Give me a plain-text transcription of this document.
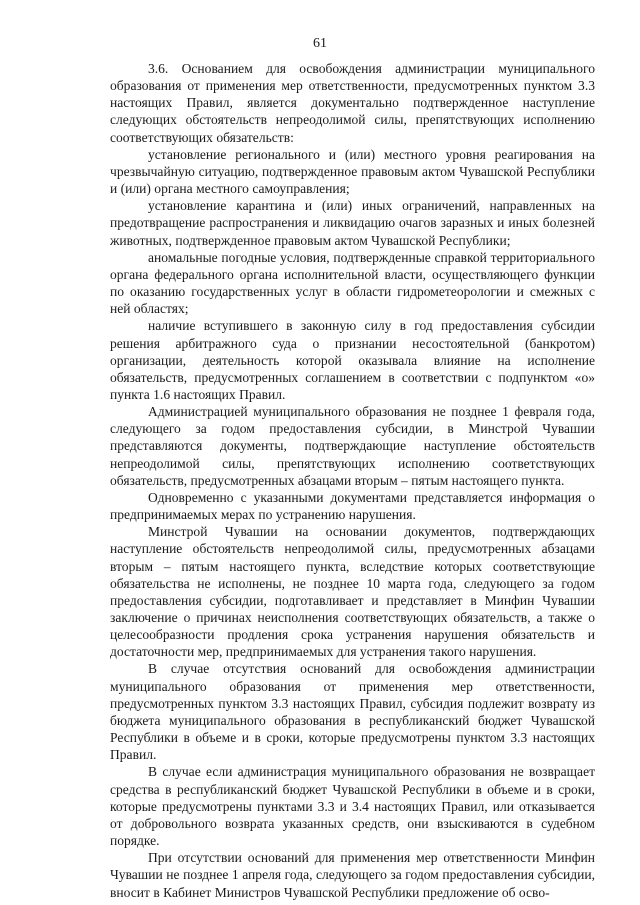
61

3.6. Основанием для освобождения администрации муниципального образования от применения мер ответственности, предусмотренных пунктом 3.3 настоящих Правил, является документально подтвержденное наступление следующих обстоятельств непреодолимой силы, препятствующих исполнению соответствующих обязательств:

установление регионального и (или) местного уровня реагирования на чрезвычайную ситуацию, подтвержденное правовым актом Чувашской Республики и (или) органа местного самоуправления;

установление карантина и (или) иных ограничений, направленных на предотвращение распространения и ликвидацию очагов заразных и иных болезней животных, подтвержденное правовым актом Чувашской Республики;

аномальные погодные условия, подтвержденные справкой территориального органа федерального органа исполнительной власти, осуществляющего функции по оказанию государственных услуг в области гидрометеорологии и смежных с ней областях;

наличие вступившего в законную силу в год предоставления субсидии решения арбитражного суда о признании несостоятельной (банкротом) организации, деятельность которой оказывала влияние на исполнение обязательств, предусмотренных соглашением в соответствии с подпунктом «о» пункта 1.6 настоящих Правил.

Администрацией муниципального образования не позднее 1 февраля года, следующего за годом предоставления субсидии, в Минстрой Чувашии представляются документы, подтверждающие наступление обстоятельств непреодолимой силы, препятствующих исполнению соответствующих обязательств, предусмотренных абзацами вторым – пятым настоящего пункта.

Одновременно с указанными документами представляется информация о предпринимаемых мерах по устранению нарушения.

Минстрой Чувашии на основании документов, подтверждающих наступление обстоятельств непреодолимой силы, предусмотренных абзацами вторым – пятым настоящего пункта, вследствие которых соответствующие обязательства не исполнены, не позднее 10 марта года, следующего за годом предоставления субсидии, подготавливает и представляет в Минфин Чувашии заключение о причинах неисполнения соответствующих обязательств, а также о целесообразности продления срока устранения нарушения обязательств и достаточности мер, предпринимаемых для устранения такого нарушения.

В случае отсутствия оснований для освобождения администрации муниципального образования от применения мер ответственности, предусмотренных пунктом 3.3 настоящих Правил, субсидия подлежит возврату из бюджета муниципального образования в республиканский бюджет Чувашской Республики в объеме и в сроки, которые предусмотрены пунктом 3.3 настоящих Правил.

В случае если администрация муниципального образования не возвращает средства в республиканский бюджет Чувашской Республики в объеме и в сроки, которые предусмотрены пунктами 3.3 и 3.4 настоящих Правил, или отказывается от добровольного возврата указанных средств, они взыскиваются в судебном порядке.

При отсутствии оснований для применения мер ответственности Минфин Чувашии не позднее 1 апреля года, следующего за годом предоставления субсидии, вносит в Кабинет Министров Чувашской Республики предложение об осво-
